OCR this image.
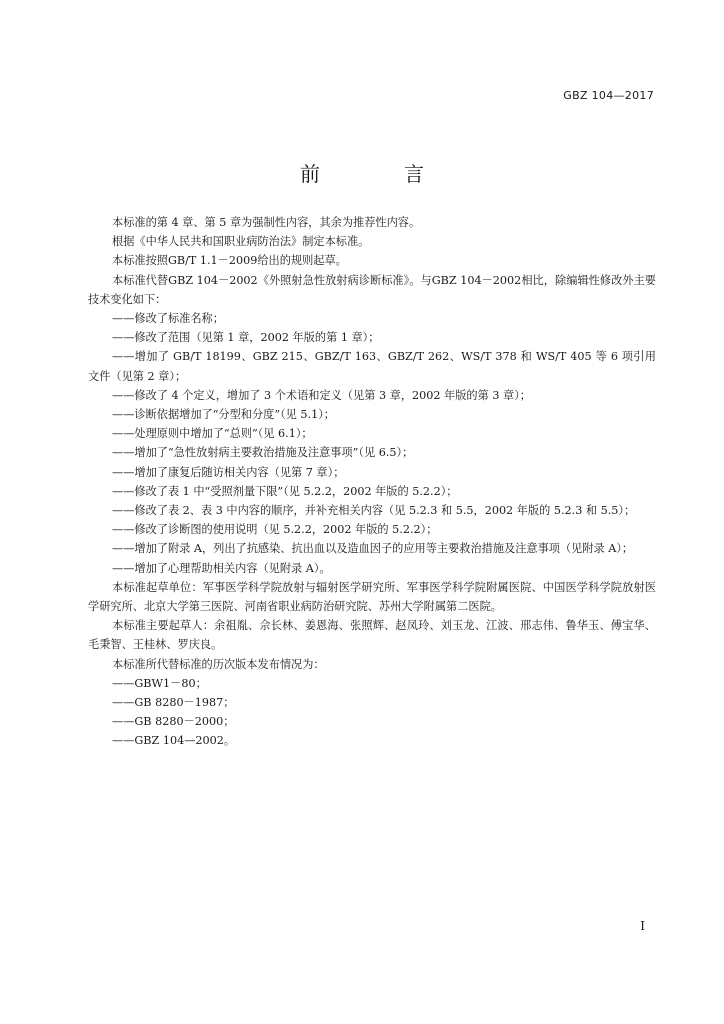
GBZ 104—2017
前　言

本标准的第 4 章、第 5 章为强制性内容，其余为推荐性内容。

根据《中华人民共和国职业病防治法》制定本标准。

本标准按照GB/T 1.1－2009给出的规则起草。

本标准代替GBZ 104－2002《外照射急性放射病诊断标准》。与GBZ 104－2002相比，除编辑性修改外主要技术变化如下：

——修改了标准名称；

——修改了范围（见第 1 章，2002 年版的第 1 章）；

——增加了 GB/T 18199、GBZ 215、GBZ/T 163、GBZ/T 262、WS/T 378 和 WS/T 405 等 6 项引用文件（见第 2 章）；

——修改了 4 个定义，增加了 3 个术语和定义（见第 3 章，2002 年版的第 3 章）；

——诊断依据增加了“分型和分度”（见 5.1）；

——处理原则中增加了“总则”（见 6.1）；

——增加了“急性放射病主要救治措施及注意事项”（见 6.5）；

——增加了康复后随访相关内容（见第 7 章）；

——修改了表 1 中“受照剂量下限”（见 5.2.2，2002 年版的 5.2.2）；

——修改了表 2、表 3 中内容的顺序，并补充相关内容（见 5.2.3 和 5.5，2002 年版的 5.2.3 和 5.5）；

——修改了诊断图的使用说明（见 5.2.2，2002 年版的 5.2.2）；

——增加了附录 A，列出了抗感染、抗出血以及造血因子的应用等主要救治措施及注意事项（见附录 A）；

——增加了心理帮助相关内容（见附录 A）。

本标准起草单位：军事医学科学院放射与辐射医学研究所、军事医学科学院附属医院、中国医学科学院放射医学研究所、北京大学第三医院、河南省职业病防治研究院、苏州大学附属第二医院。

本标准主要起草人：余祖胤、佘长林、姜恩海、张照辉、赵凤玲、刘玉龙、江波、邢志伟、鲁华玉、傅宝华、毛秉智、王桂林、罗庆良。

本标准所代替标准的历次版本发布情况为：

——GBW1－80；

——GB 8280－1987；

——GB 8280－2000；

——GBZ 104—2002。

I
